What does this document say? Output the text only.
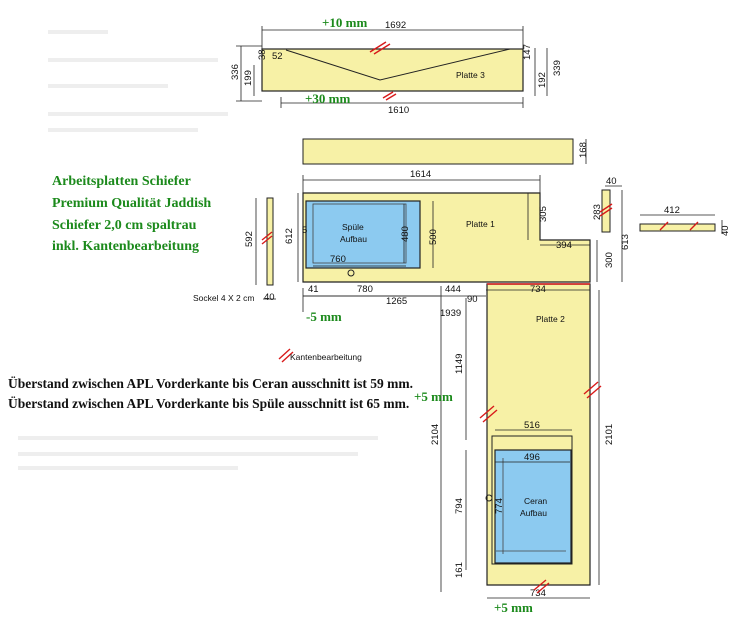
Platte 3
1692
336 199
38 52	147
339
192
1610
+10 mm
+30 mm
168
Arbeitsplatten Schiefer
Premium Qualität Jaddish
Schiefer 2,0 cm spaltrau
inkl. Kantenbearbeitung	592
40
Sockel 4 X 2 cm
Platte 1
Spüle
Aufbau
1614
612	500
480
760
5
305
394
300
40
283
613
412
40
Platte 2
Ceran
Aufbau
41	780	444
90
734
1265
1939
1149
2104	2101
516
496
794	774
161
734
-5 mm
+5 mm
+5 mm
Kantenbearbeitung
Überstand zwischen APL Vorderkante bis Ceran ausschnitt ist 59 mm.
Überstand zwischen APL Vorderkante bis Spüle ausschnitt ist 65 mm.
